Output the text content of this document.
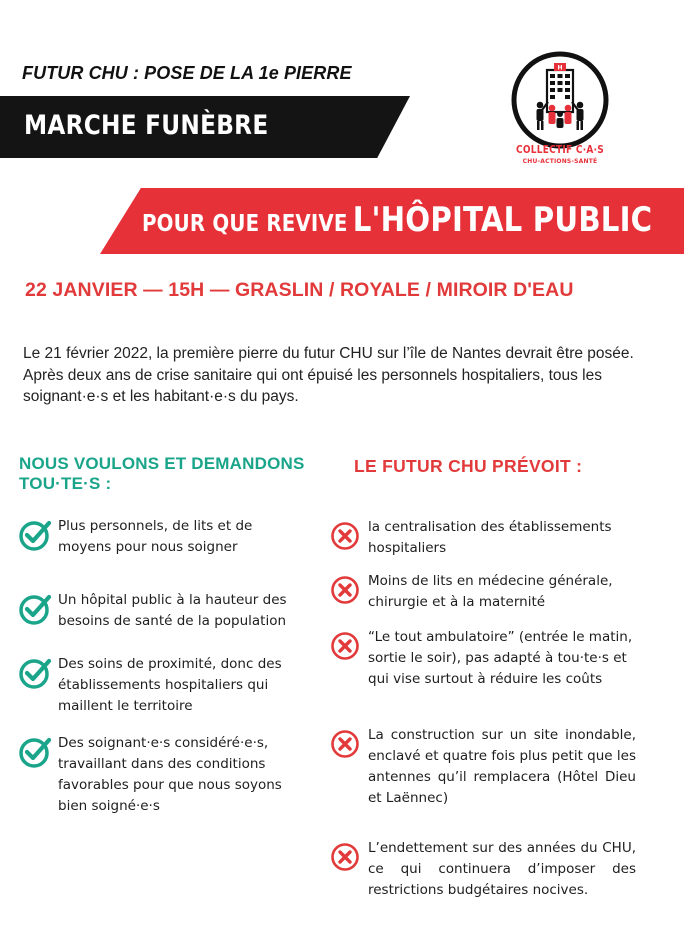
FUTUR CHU : POSE DE LA 1e PIERRE
MARCHE FUNÈBRE
H
COLLECTIF C·A·S
CHU-ACTIONS-SANTÉ
POUR QUE REVIVE L'HÔPITAL PUBLIC
22 JANVIER — 15H — GRASLIN / ROYALE / MIROIR D'EAU

Le 21 février 2022, la première pierre du futur CHU sur l’île de Nantes devrait être posée. Après deux ans de crise sanitaire qui ont épuisé les personnels hospitaliers, tous les soignant·e·s et les habitant·e·s du pays.

NOUS VOULONS ET DEMANDONS TOU·TE·S :
LE FUTUR CHU PRÉVOIT :
Plus personnels, de lits et de moyens pour nous soigner
Un hôpital public à la hauteur des besoins de santé de la population
Des soins de proximité, donc des établissements hospitaliers qui maillent le territoire
Des soignant·e·s considéré·e·s, travaillant dans des conditions favorables pour que nous soyons bien soigné·e·s
la centralisation des établissements hospitaliers
Moins de lits en médecine générale, chirurgie et à la maternité
“Le tout ambulatoire” (entrée le matin, sortie le soir), pas adapté à tou·te·s et qui vise surtout à réduire les coûts
La construction sur un site inondable, enclavé et quatre fois plus petit que les antennes qu’il remplacera (Hôtel Dieu et Laënnec)
L’endettement sur des années du CHU, ce qui continuera d’imposer des restrictions budgétaires nocives.
